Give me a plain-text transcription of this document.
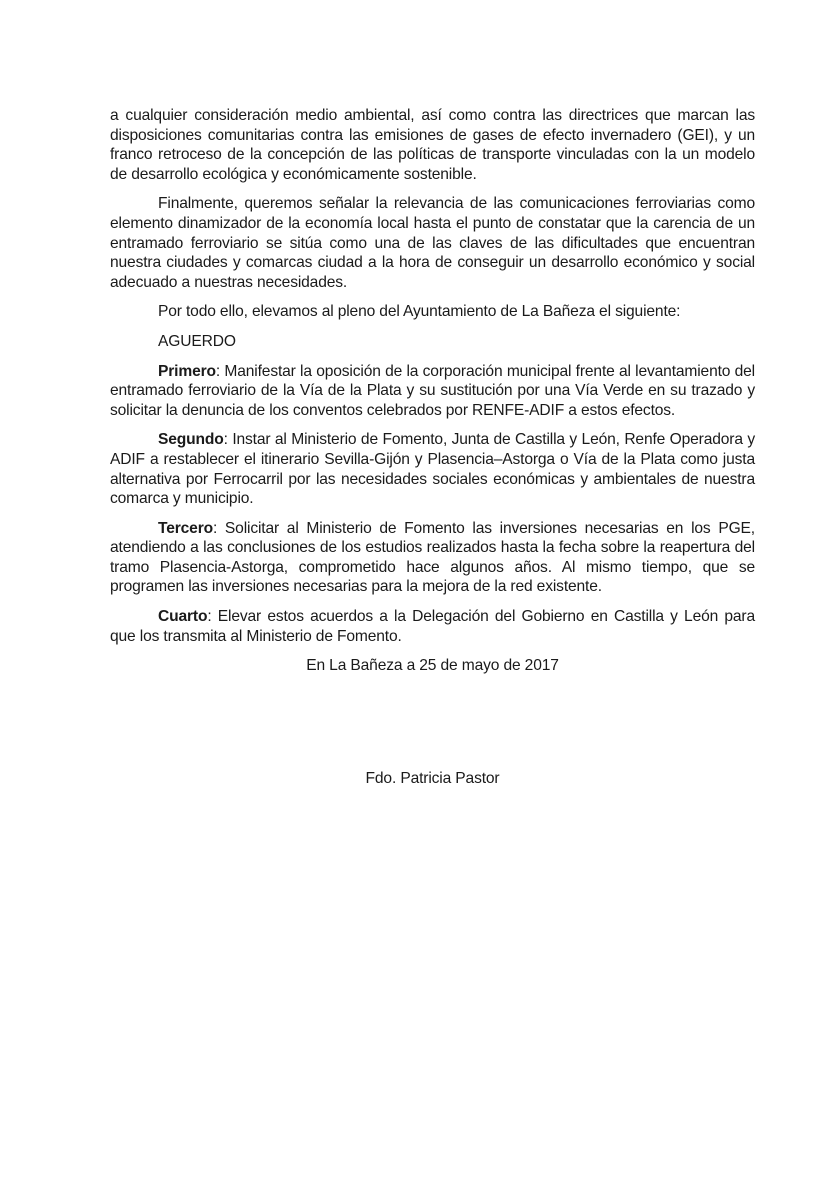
a cualquier consideración medio ambiental, así como contra las directrices que marcan las disposiciones comunitarias contra las emisiones de gases de efecto invernadero (GEI), y un franco retroceso de la concepción de las políticas de transporte vinculadas con la un modelo de desarrollo ecológica y económicamente sostenible.

Finalmente, queremos señalar la relevancia de las comunicaciones ferroviarias como elemento dinamizador de la economía local hasta el punto de constatar que la carencia de un entramado ferroviario se sitúa como una de las claves de las dificultades que encuentran nuestra ciudades y comarcas ciudad a la hora de conseguir un desarrollo económico y social adecuado a nuestras necesidades.

Por todo ello, elevamos al pleno del Ayuntamiento de La Bañeza el siguiente:

AGUERDO

Primero: Manifestar la oposición de la corporación municipal frente al levantamiento del entramado ferroviario de la Vía de la Plata y su sustitución por una Vía Verde en su trazado y solicitar la denuncia de los conventos celebrados por RENFE-ADIF a estos efectos.

Segundo: Instar al Ministerio de Fomento, Junta de Castilla y León, Renfe Operadora y ADIF a restablecer el itinerario Sevilla-Gijón y Plasencia–Astorga o Vía de la Plata como justa alternativa por Ferrocarril por las necesidades sociales económicas y ambientales de nuestra comarca y municipio.

Tercero: Solicitar al Ministerio de Fomento las inversiones necesarias en los PGE, atendiendo a las conclusiones de los estudios realizados hasta la fecha sobre la reapertura del tramo Plasencia-Astorga, comprometido hace algunos años. Al mismo tiempo, que se programen las inversiones necesarias para la mejora de la red existente.

Cuarto: Elevar estos acuerdos a la Delegación del Gobierno en Castilla y León para que los transmita al Ministerio de Fomento.

En La Bañeza a 25 de mayo de 2017

Fdo. Patricia Pastor
